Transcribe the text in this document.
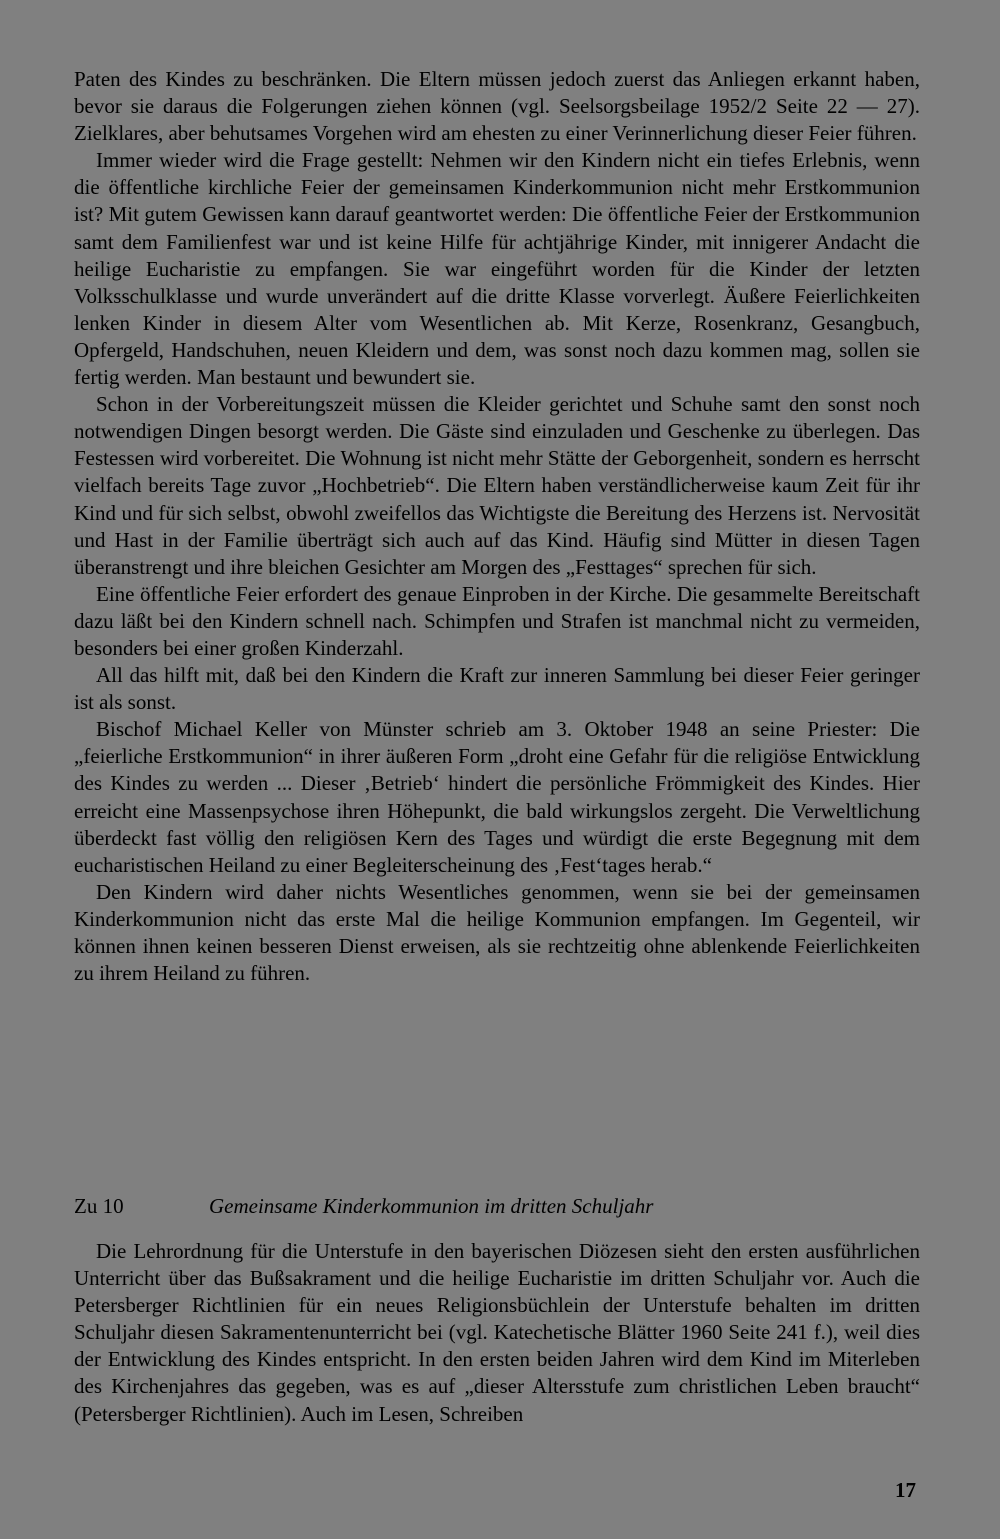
Paten des Kindes zu beschränken. Die Eltern müssen jedoch zuerst das Anliegen erkannt haben, bevor sie daraus die Folgerungen ziehen können (vgl. Seelsorgsbeilage 1952/2 Seite 22 — 27). Zielklares, aber behutsames Vorgehen wird am ehesten zu einer Verinnerlichung dieser Feier führen.

Immer wieder wird die Frage gestellt: Nehmen wir den Kindern nicht ein tiefes Erlebnis, wenn die öffentliche kirchliche Feier der gemeinsamen Kinderkommunion nicht mehr Erstkommunion ist? Mit gutem Gewissen kann darauf geantwortet werden: Die öffentliche Feier der Erstkommunion samt dem Familienfest war und ist keine Hilfe für achtjährige Kinder, mit innigerer Andacht die heilige Eucharistie zu empfangen. Sie war eingeführt worden für die Kinder der letzten Volksschulklasse und wurde unverändert auf die dritte Klasse vorverlegt. Äußere Feierlichkeiten lenken Kinder in diesem Alter vom Wesentlichen ab. Mit Kerze, Rosenkranz, Gesangbuch, Opfergeld, Handschuhen, neuen Kleidern und dem, was sonst noch dazu kommen mag, sollen sie fertig werden. Man bestaunt und bewundert sie.

Schon in der Vorbereitungszeit müssen die Kleider gerichtet und Schuhe samt den sonst noch notwendigen Dingen besorgt werden. Die Gäste sind einzuladen und Geschenke zu überlegen. Das Festessen wird vorbereitet. Die Wohnung ist nicht mehr Stätte der Geborgenheit, sondern es herrscht vielfach bereits Tage zuvor „Hochbetrieb“. Die Eltern haben verständlicherweise kaum Zeit für ihr Kind und für sich selbst, obwohl zweifellos das Wichtigste die Bereitung des Herzens ist. Nervosität und Hast in der Familie überträgt sich auch auf das Kind. Häufig sind Mütter in diesen Tagen überanstrengt und ihre bleichen Gesichter am Morgen des „Festtages“ sprechen für sich.

Eine öffentliche Feier erfordert des genaue Einproben in der Kirche. Die gesammelte Bereitschaft dazu läßt bei den Kindern schnell nach. Schimpfen und Strafen ist manchmal nicht zu vermeiden, besonders bei einer großen Kinderzahl.

All das hilft mit, daß bei den Kindern die Kraft zur inneren Sammlung bei dieser Feier geringer ist als sonst.

Bischof Michael Keller von Münster schrieb am 3. Oktober 1948 an seine Priester: Die „feierliche Erstkommunion“ in ihrer äußeren Form „droht eine Gefahr für die religiöse Entwicklung des Kindes zu werden ... Dieser ‚Betrieb‘ hindert die persönliche Frömmigkeit des Kindes. Hier erreicht eine Massenpsychose ihren Höhepunkt, die bald wirkungslos zergeht. Die Verweltlichung überdeckt fast völlig den religiösen Kern des Tages und würdigt die erste Begegnung mit dem eucharistischen Heiland zu einer Begleiterscheinung des ‚Fest‘tages herab.“

Den Kindern wird daher nichts Wesentliches genommen, wenn sie bei der gemeinsamen Kinderkommunion nicht das erste Mal die heilige Kommunion empfangen. Im Gegenteil, wir können ihnen keinen besseren Dienst erweisen, als sie rechtzeitig ohne ablenkende Feierlichkeiten zu ihrem Heiland zu führen.

Zu 10	Gemeinsame Kinderkommunion im dritten Schuljahr

Die Lehrordnung für die Unterstufe in den bayerischen Diözesen sieht den ersten ausführlichen Unterricht über das Bußsakrament und die heilige Eucharistie im dritten Schuljahr vor. Auch die Petersberger Richtlinien für ein neues Religionsbüchlein der Unterstufe behalten im dritten Schuljahr diesen Sakramentenunterricht bei (vgl. Katechetische Blätter 1960 Seite 241 f.), weil dies der Entwicklung des Kindes entspricht. In den ersten beiden Jahren wird dem Kind im Miterleben des Kirchenjahres das gegeben, was es auf „dieser Altersstufe zum christlichen Leben braucht“ (Petersberger Richtlinien). Auch im Lesen, Schreiben

17
